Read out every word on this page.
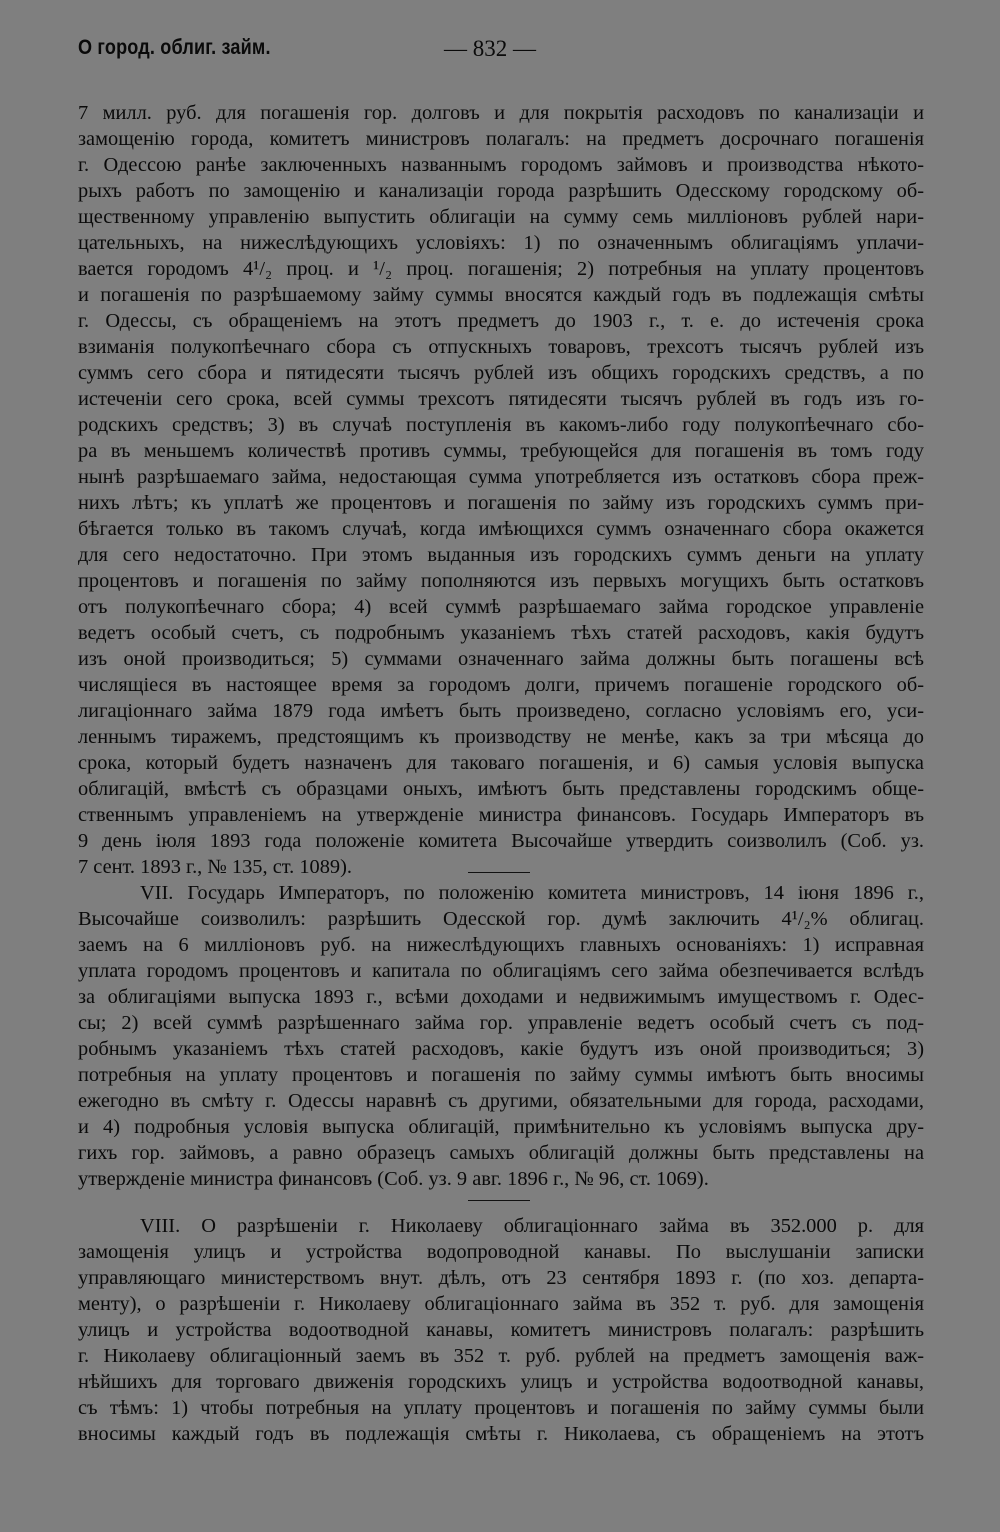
О город. облиг. займ.	— 832 —
7 милл. руб. для погашенія гор. долговъ и для покрытія расходовъ по канализаціи и
замощенію города, комитетъ министровъ полагалъ: на предметъ досрочнаго погашенія
г. Одессою ранѣе заключенныхъ названнымъ городомъ займовъ и производства нѣкото-
рыхъ работъ по замощенію и канализаціи города разрѣшить Одесскому городскому об-
щественному управленію выпустить облигаціи на сумму семь милліоновъ рублей нари-
цательныхъ, на нижеслѣдующихъ условіяхъ: 1) по означеннымъ облигаціямъ уплачи-
вается городомъ 4¹/₂ проц. и ¹/₂ проц. погашенія; 2) потребныя на уплату процентовъ
и погашенія по разрѣшаемому займу суммы вносятся каждый годъ въ подлежащія смѣты
г. Одессы, съ обращеніемъ на этотъ предметъ до 1903 г., т. е. до истеченія срока
взиманія полукопѣечнаго сбора съ отпускныхъ товаровъ, трехсотъ тысячъ рублей изъ
суммъ сего сбора и пятидесяти тысячъ рублей изъ общихъ городскихъ средствъ, а по
истеченіи сего срока, всей суммы трехсотъ пятидесяти тысячъ рублей въ годъ изъ го-
родскихъ средствъ; 3) въ случаѣ поступленія въ какомъ-либо году полукопѣечнаго сбо-
ра въ меньшемъ количествѣ противъ суммы, требующейся для погашенія въ томъ году
нынѣ разрѣшаемаго займа, недостающая сумма употребляется изъ остатковъ сбора преж-
нихъ лѣтъ; къ уплатѣ же процентовъ и погашенія по займу изъ городскихъ суммъ при-
бѣгается только въ такомъ случаѣ, когда имѣющихся суммъ означеннаго сбора окажется
для сего недостаточно. При этомъ выданныя изъ городскихъ суммъ деньги на уплату
процентовъ и погашенія по займу пополняются изъ первыхъ могущихъ быть остатковъ
отъ полукопѣечнаго сбора; 4) всей суммѣ разрѣшаемаго займа городское управленіе
ведетъ особый счетъ, съ подробнымъ указаніемъ тѣхъ статей расходовъ, какія будутъ
изъ оной производиться; 5) суммами означеннаго займа должны быть погашены всѣ
числящіеся въ настоящее время за городомъ долги, причемъ погашеніе городского об-
лигаціоннаго займа 1879 года имѣетъ быть произведено, согласно условіямъ его, уси-
леннымъ тиражемъ, предстоящимъ къ производству не менѣе, какъ за три мѣсяца до
срока, который будетъ назначенъ для таковаго погашенія, и 6) самыя условія выпуска
облигацій, вмѣстѣ съ образцами оныхъ, имѣютъ быть представлены городскимъ обще-
ственнымъ управленіемъ на утвержденіе министра финансовъ. Государь Императоръ въ
9 день іюля 1893 года положеніе комитета Высочайше утвердить соизволилъ (Соб. уз.
7 сент. 1893 г., № 135, ст. 1089).
VII. Государь Императоръ, по положенію комитета министровъ, 14 іюня 1896 г.,
Высочайше соизволилъ: разрѣшить Одесской гор. думѣ заключить 4¹/₂% облигац.
заемъ на 6 милліоновъ руб. на нижеслѣдующихъ главныхъ основаніяхъ: 1) исправная
уплата городомъ процентовъ и капитала по облигаціямъ сего займа обезпечивается вслѣдъ
за облигаціями выпуска 1893 г., всѣми доходами и недвижимымъ имуществомъ г. Одес-
сы; 2) всей суммѣ разрѣшеннаго займа гор. управленіе ведетъ особый счетъ съ под-
робнымъ указаніемъ тѣхъ статей расходовъ, какіе будутъ изъ оной производиться; 3)
потребныя на уплату процентовъ и погашенія по займу суммы имѣютъ быть вносимы
ежегодно въ смѣту г. Одессы наравнѣ съ другими, обязательными для города, расходами,
и 4) подробныя условія выпуска облигацій, примѣнительно къ условіямъ выпуска дру-
гихъ гор. займовъ, а равно образецъ самыхъ облигацій должны быть представлены на
утвержденіе министра финансовъ (Соб. уз. 9 авг. 1896 г., № 96, ст. 1069).
VIII. О разрѣшеніи г. Николаеву облигаціоннаго займа въ 352.000 р. для
замощенія улицъ и устройства водопроводной канавы. По выслушаніи записки
управляющаго министерствомъ внут. дѣлъ, отъ 23 сентября 1893 г. (по хоз. департа-
менту), о разрѣшеніи г. Николаеву облигаціоннаго займа въ 352 т. руб. для замощенія
улицъ и устройства водоотводной канавы, комитетъ министровъ полагалъ: разрѣшить
г. Николаеву облигаціонный заемъ въ 352 т. руб. рублей на предметъ замощенія важ-
нѣйшихъ для торговаго движенія городскихъ улицъ и устройства водоотводной канавы,
съ тѣмъ: 1) чтобы потребныя на уплату процентовъ и погашенія по займу суммы были
вносимы каждый годъ въ подлежащія смѣты г. Николаева, съ обращеніемъ на этотъ
